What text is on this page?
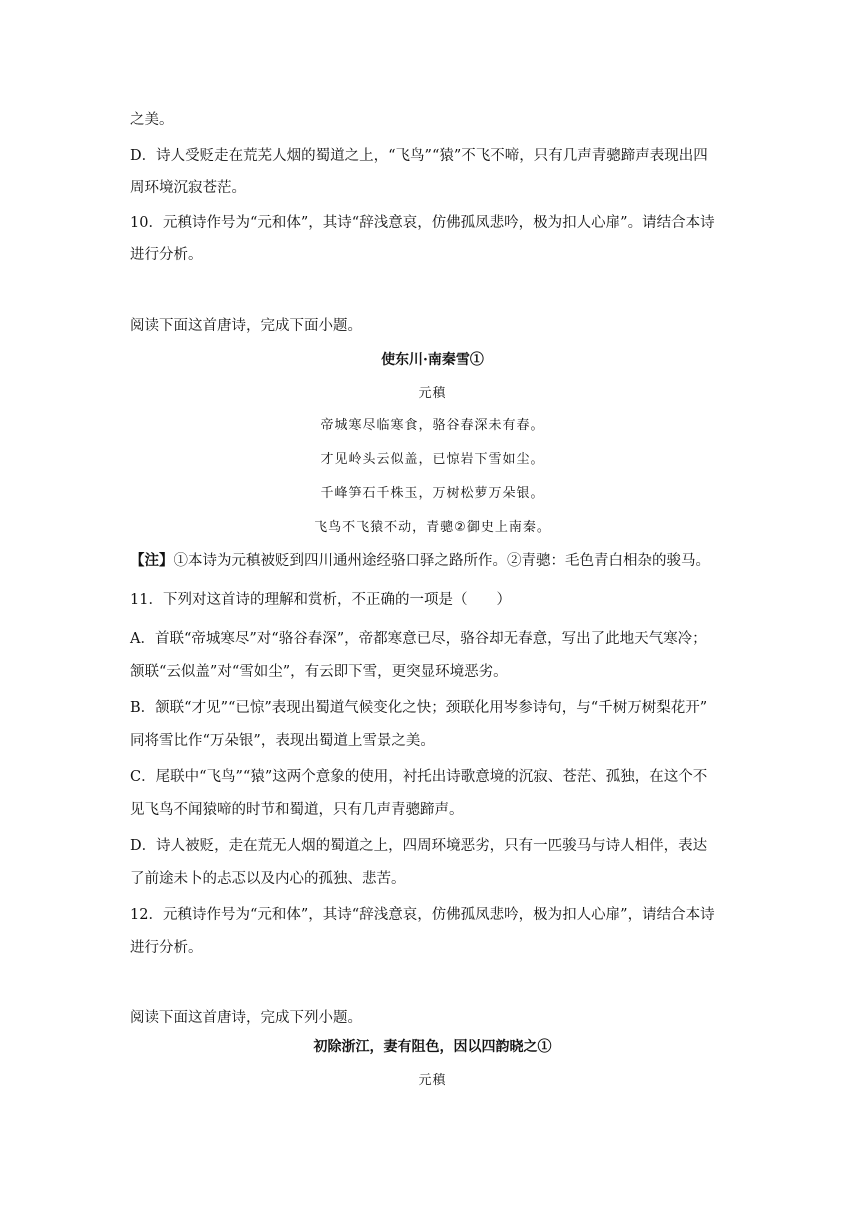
之美。
D．诗人受贬走在荒芜人烟的蜀道之上，“飞鸟”“猿”不飞不啼，只有几声青骢蹄声表现出四
周环境沉寂苍茫。
10．元稹诗作号为“元和体”，其诗“辞浅意哀，仿佛孤凤悲吟，极为扣人心扉”。请结合本诗
进行分析。
阅读下面这首唐诗，完成下面小题。
使东川·南秦雪①
元稹
帝城寒尽临寒食，骆谷春深未有春。
才见岭头云似盖，已惊岩下雪如尘。
千峰笋石千株玉，万树松萝万朵银。
飞鸟不飞猿不动，青骢②御史上南秦。
【注】①本诗为元稹被贬到四川通州途经骆口驿之路所作。②青骢：毛色青白相杂的骏马。
11．下列对这首诗的理解和赏析，不正确的一项是（　　）
A．首联“帝城寒尽”对“骆谷春深”，帝都寒意已尽，骆谷却无春意，写出了此地天气寒冷；
颔联“云似盖”对“雪如尘”，有云即下雪，更突显环境恶劣。
B．颔联“才见”“已惊”表现出蜀道气候变化之快；颈联化用岑参诗句，与“千树万树梨花开”
同将雪比作“万朵银”，表现出蜀道上雪景之美。
C．尾联中“飞鸟”“猿”这两个意象的使用，衬托出诗歌意境的沉寂、苍茫、孤独，在这个不
见飞鸟不闻猿啼的时节和蜀道，只有几声青骢蹄声。
D．诗人被贬，走在荒无人烟的蜀道之上，四周环境恶劣，只有一匹骏马与诗人相伴，表达
了前途未卜的忐忑以及内心的孤独、悲苦。
12．元稹诗作号为“元和体”，其诗“辞浅意哀，仿佛孤凤悲吟，极为扣人心扉”，请结合本诗
进行分析。
阅读下面这首唐诗，完成下列小题。
初除浙江，妻有阻色，因以四韵晓之①
元稹
